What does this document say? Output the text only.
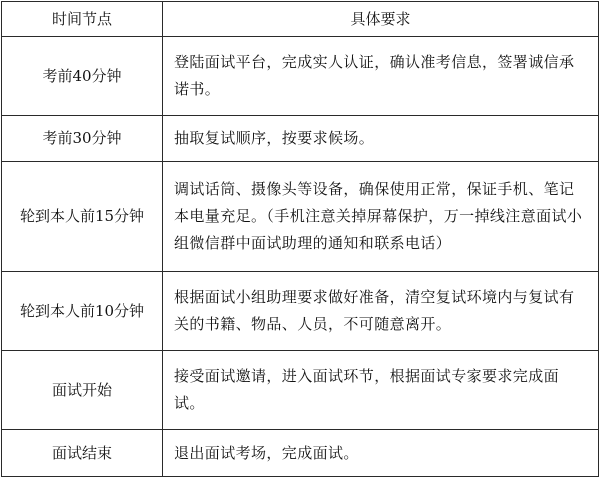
时间节点	具体要求
考前40分钟	登陆面试平台，完成实人认证，确认准考信息，签署诚信承诺书。
考前30分钟	抽取复试顺序，按要求候场。
轮到本人前15分钟	调试话筒、摄像头等设备，确保使用正常，保证手机、笔记本电量充足。（手机注意关掉屏幕保护，万一掉线注意面试小组微信群中面试助理的通知和联系电话）
轮到本人前10分钟	根据面试小组助理要求做好准备，清空复试环境内与复试有关的书籍、物品、人员，不可随意离开。
面试开始	接受面试邀请，进入面试环节，根据面试专家要求完成面试。
面试结束	退出面试考场，完成面试。
